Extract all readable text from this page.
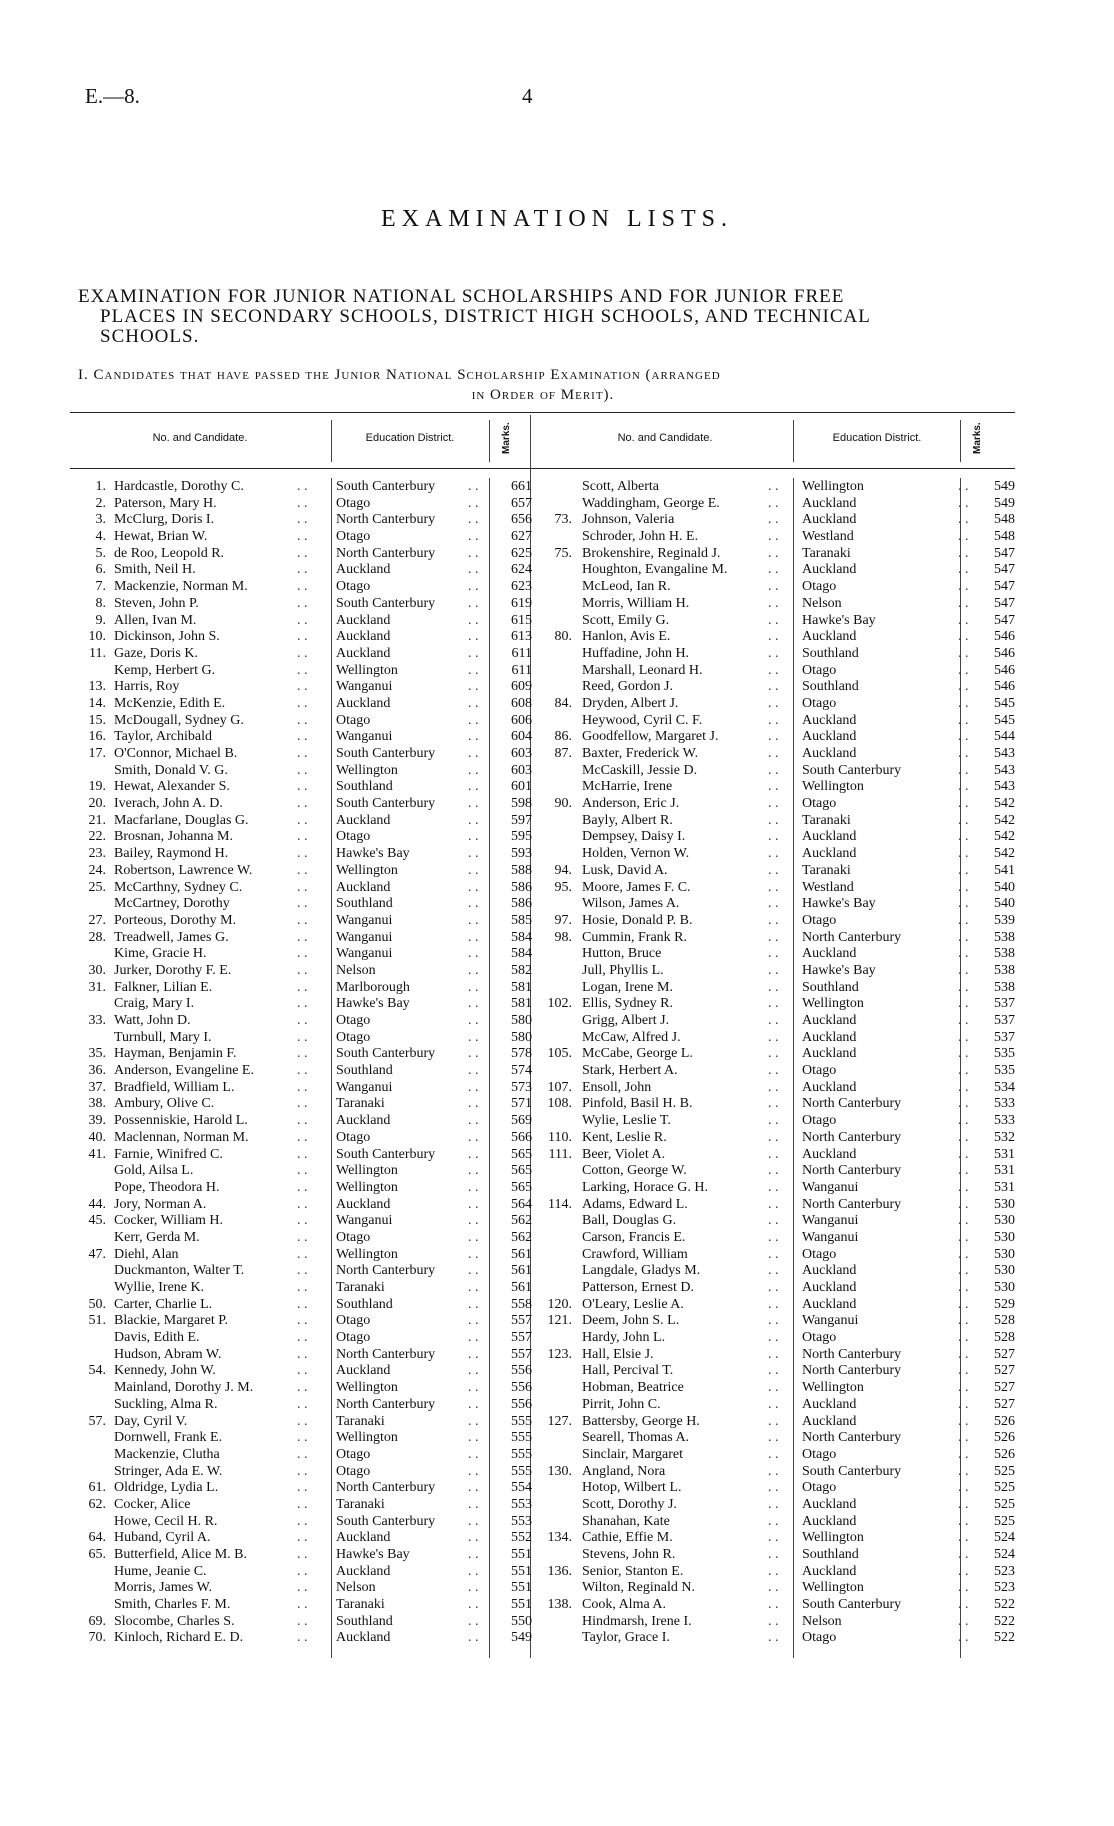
E.—8.	4
EXAMINATION LISTS.
EXAMINATION FOR JUNIOR NATIONAL SCHOLARSHIPS AND FOR JUNIOR FREE
PLACES IN SECONDARY SCHOOLS, DISTRICT HIGH SCHOOLS, AND TECHNICAL
SCHOOLS.
I. Candidates that have passed the Junior National Scholarship Examination (arranged
in Order of Merit).
No. and Candidate.	Education District.	Marks.	No. and Candidate.	Education District.	Marks.
1. Hardcastle, Dorothy C.	. . South Canterbury	. .	661
2. Paterson, Mary H.	. . Otago	. .	657
3. McClurg, Doris I.	. . North Canterbury	. .	656
4. Hewat, Brian W.	. . Otago	. .	627
5. de Roo, Leopold R.	. . North Canterbury	. .	625
6. Smith, Neil H.	. . Auckland	. .	624
7. Mackenzie, Norman M.	. . Otago	. .	623
8. Steven, John P.	. . South Canterbury	. .	619
9. Allen, Ivan M.	. . Auckland	. .	615
10. Dickinson, John S.	. . Auckland	. .	613
11. Gaze, Doris K.	. . Auckland	. .	611
Kemp, Herbert G.	. . Wellington	. .	611
13. Harris, Roy	. . Wanganui	. .	609
14. McKenzie, Edith E.	. . Auckland	. .	608
15. McDougall, Sydney G.	. . Otago	. .	606
16. Taylor, Archibald	. . Wanganui	. .	604
17. O'Connor, Michael B.	. . South Canterbury	. .	603
Smith, Donald V. G.	. . Wellington	. .	603
19. Hewat, Alexander S.	. . Southland	. .	601
20. Iverach, John A. D.	. . South Canterbury	. .	598
21. Macfarlane, Douglas G.	. . Auckland	. .	597
22. Brosnan, Johanna M.	. . Otago	. .	595
23. Bailey, Raymond H.	. . Hawke's Bay	. .	593
24. Robertson, Lawrence W.	. . Wellington	. .	588
25. McCarthny, Sydney C.	. . Auckland	. .	586
McCartney, Dorothy	. . Southland	. .	586
27. Porteous, Dorothy M.	. . Wanganui	. .	585
28. Treadwell, James G.	. . Wanganui	. .	584
Kime, Gracie H.	. . Wanganui	. .	584
30. Jurker, Dorothy F. E.	. . Nelson	. .	582
31. Falkner, Lilian E.	. . Marlborough	. .	581
Craig, Mary I.	. . Hawke's Bay	. .	581
33. Watt, John D.	. . Otago	. .	580
Turnbull, Mary I.	. . Otago	. .	580
35. Hayman, Benjamin F.	. . South Canterbury	. .	578
36. Anderson, Evangeline E.	. . Southland	. .	574
37. Bradfield, William L.	. . Wanganui	. .	573
38. Ambury, Olive C.	. . Taranaki	. .	571
39. Possenniskie, Harold L.	. . Auckland	. .	569
40. Maclennan, Norman M.	. . Otago	. .	566
41. Farnie, Winifred C.	. . South Canterbury	. .	565
Gold, Ailsa L.	. . Wellington	. .	565
Pope, Theodora H.	. . Wellington	. .	565
44. Jory, Norman A.	. . Auckland	. .	564
45. Cocker, William H.	. . Wanganui	. .	562
Kerr, Gerda M.	. . Otago	. .	562
47. Diehl, Alan	. . Wellington	. .	561
Duckmanton, Walter T.	. . North Canterbury	. .	561
Wyllie, Irene K.	. . Taranaki	. .	561
50. Carter, Charlie L.	. . Southland	. .	558
51. Blackie, Margaret P.	. . Otago	. .	557
Davis, Edith E.	. . Otago	. .	557
Hudson, Abram W.	. . North Canterbury	. .	557
54. Kennedy, John W.	. . Auckland	. .	556
Mainland, Dorothy J. M.	. . Wellington	. .	556
Suckling, Alma R.	. . North Canterbury	. .	556
57. Day, Cyril V.	. . Taranaki	. .	555
Dornwell, Frank E.	. . Wellington	. .	555
Mackenzie, Clutha	. . Otago	. .	555
Stringer, Ada E. W.	. . Otago	. .	555
61. Oldridge, Lydia L.	. . North Canterbury	. .	554
62. Cocker, Alice	. . Taranaki	. .	553
Howe, Cecil H. R.	. . South Canterbury	. .	553
64. Huband, Cyril A.	. . Auckland	. .	552
65. Butterfield, Alice M. B.	. . Hawke's Bay	. .	551
Hume, Jeanie C.	. . Auckland	. .	551
Morris, James W.	. . Nelson	. .	551
Smith, Charles F. M.	. . Taranaki	. .	551
69. Slocombe, Charles S.	. . Southland	. .	550
70. Kinloch, Richard E. D.	. . Auckland	. .	549
Scott, Alberta	. . Wellington	. .	549
Waddingham, George E.	. . Auckland	. .	549
73. Johnson, Valeria	. . Auckland	. .	548
Schroder, John H. E.	. . Westland	. .	548
75. Brokenshire, Reginald J.	. . Taranaki	. .	547
Houghton, Evangaline M.	. . Auckland	. .	547
McLeod, Ian R.	. . Otago	. .	547
Morris, William H.	. . Nelson	. .	547
Scott, Emily G.	. . Hawke's Bay	. .	547
80. Hanlon, Avis E.	. . Auckland	. .	546
Huffadine, John H.	. . Southland	. .	546
Marshall, Leonard H.	. . Otago	. .	546
Reed, Gordon J.	. . Southland	. .	546
84. Dryden, Albert J.	. . Otago	. .	545
Heywood, Cyril C. F.	. . Auckland	. .	545
86. Goodfellow, Margaret J.	. . Auckland	. .	544
87. Baxter, Frederick W.	. . Auckland	. .	543
McCaskill, Jessie D.	. . South Canterbury	. .	543
McHarrie, Irene	. . Wellington	. .	543
90. Anderson, Eric J.	. . Otago	. .	542
Bayly, Albert R.	. . Taranaki	. .	542
Dempsey, Daisy I.	. . Auckland	. .	542
Holden, Vernon W.	. . Auckland	. .	542
94. Lusk, David A.	. . Taranaki	. .	541
95. Moore, James F. C.	. . Westland	. .	540
Wilson, James A.	. . Hawke's Bay	. .	540
97. Hosie, Donald P. B.	. . Otago	. .	539
98. Cummin, Frank R.	. . North Canterbury	. .	538
Hutton, Bruce	. . Auckland	. .	538
Jull, Phyllis L.	. . Hawke's Bay	. .	538
Logan, Irene M.	. . Southland	. .	538
102. Ellis, Sydney R.	. . Wellington	. .	537
Grigg, Albert J.	. . Auckland	. .	537
McCaw, Alfred J.	. . Auckland	. .	537
105. McCabe, George L.	. . Auckland	. .	535
Stark, Herbert A.	. . Otago	. .	535
107. Ensoll, John	. . Auckland	. .	534
108. Pinfold, Basil H. B.	. . North Canterbury	. .	533
Wylie, Leslie T.	. . Otago	. .	533
110. Kent, Leslie R.	. . North Canterbury	. .	532
111. Beer, Violet A.	. . Auckland	. .	531
Cotton, George W.	. . North Canterbury	. .	531
Larking, Horace G. H.	. . Wanganui	. .	531
114. Adams, Edward L.	. . North Canterbury	. .	530
Ball, Douglas G.	. . Wanganui	. .	530
Carson, Francis E.	. . Wanganui	. .	530
Crawford, William	. . Otago	. .	530
Langdale, Gladys M.	. . Auckland	. .	530
Patterson, Ernest D.	. . Auckland	. .	530
120. O'Leary, Leslie A.	. . Auckland	. .	529
121. Deem, John S. L.	. . Wanganui	. .	528
Hardy, John L.	. . Otago	. .	528
123. Hall, Elsie J.	. . North Canterbury	. .	527
Hall, Percival T.	. . North Canterbury	. .	527
Hobman, Beatrice	. . Wellington	. .	527
Pirrit, John C.	. . Auckland	. .	527
127. Battersby, George H.	. . Auckland	. .	526
Searell, Thomas A.	. . North Canterbury	. .	526
Sinclair, Margaret	. . Otago	. .	526
130. Angland, Nora	. . South Canterbury	. .	525
Hotop, Wilbert L.	. . Otago	. .	525
Scott, Dorothy J.	. . Auckland	. .	525
Shanahan, Kate	. . Auckland	. .	525
134. Cathie, Effie M.	. . Wellington	. .	524
Stevens, John R.	. . Southland	. .	524
136. Senior, Stanton E.	. . Auckland	. .	523
Wilton, Reginald N.	. . Wellington	. .	523
138. Cook, Alma A.	. . South Canterbury	. .	522
Hindmarsh, Irene I.	. . Nelson	. .	522
Taylor, Grace I.	. . Otago	. .	522
